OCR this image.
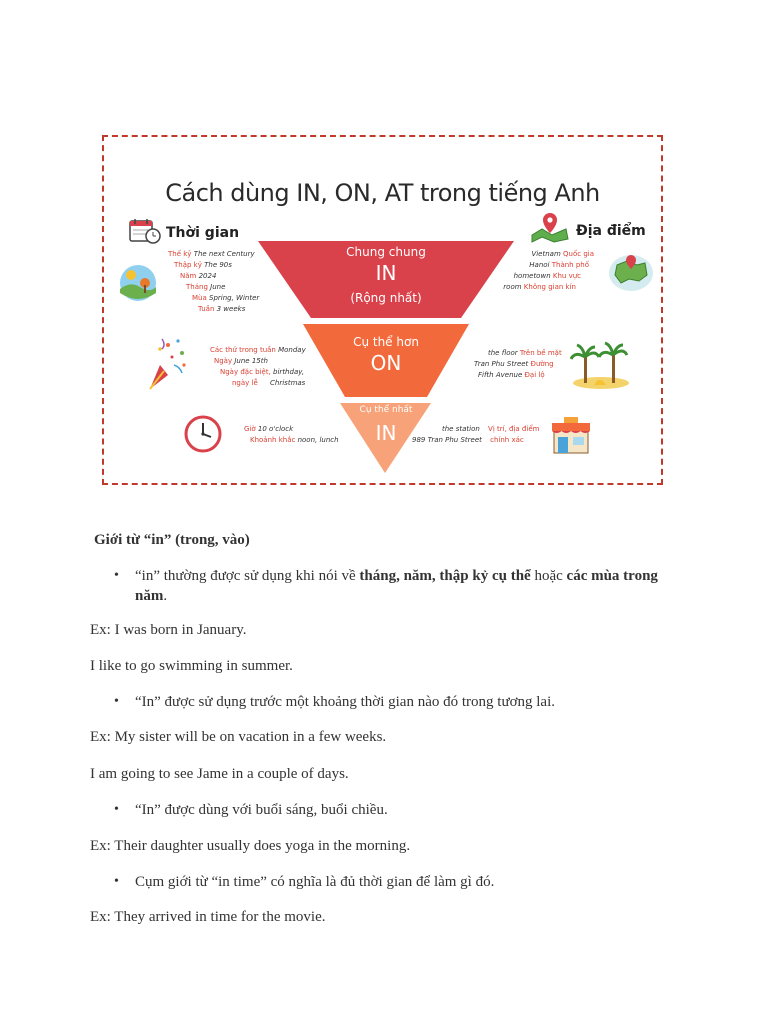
Cách dùng IN, ON, AT trong tiếng Anh
Thời gian	Địa điểm
Chung chung
IN
(Rộng nhất)
Cụ thể hơn
ON
Cụ thể nhất
IN
Thế kỷ The next Century
Thập kỷ The 90s
Năm 2024
Tháng June
Mùa Spring, Winter
Tuần 3 weeks
Các thứ trong tuần Monday
Ngày June 15th
Ngày đặc biệt, birthday,
ngày lễ Christmas
Giờ 10 o'clock
Khoảnh khắc noon, lunch
Vietnam Quốc gia
Hanoi Thành phố
hometown Khu vực
room Không gian kín
the floor Trên bề mặt
Tran Phu Street Đường
Fifth Avenue Đại lộ
the station Vị trí, địa điểm
989 Tran Phu Street chính xác

Giới từ “in” (trong, vào)

• “in” thường được sử dụng khi nói về tháng, năm, thập kỷ cụ thể hoặc các mùa trong năm.

Ex: I was born in January.

I like to go swimming in summer.

• “In” được sử dụng trước một khoảng thời gian nào đó trong tương lai.

Ex: My sister will be on vacation in a few weeks.

I am going to see Jame in a couple of days.

• “In” được dùng với buổi sáng, buổi chiều.

Ex: Their daughter usually does yoga in the morning.

• Cụm giới từ “in time” có nghĩa là đủ thời gian để làm gì đó.

Ex: They arrived in time for the movie.
